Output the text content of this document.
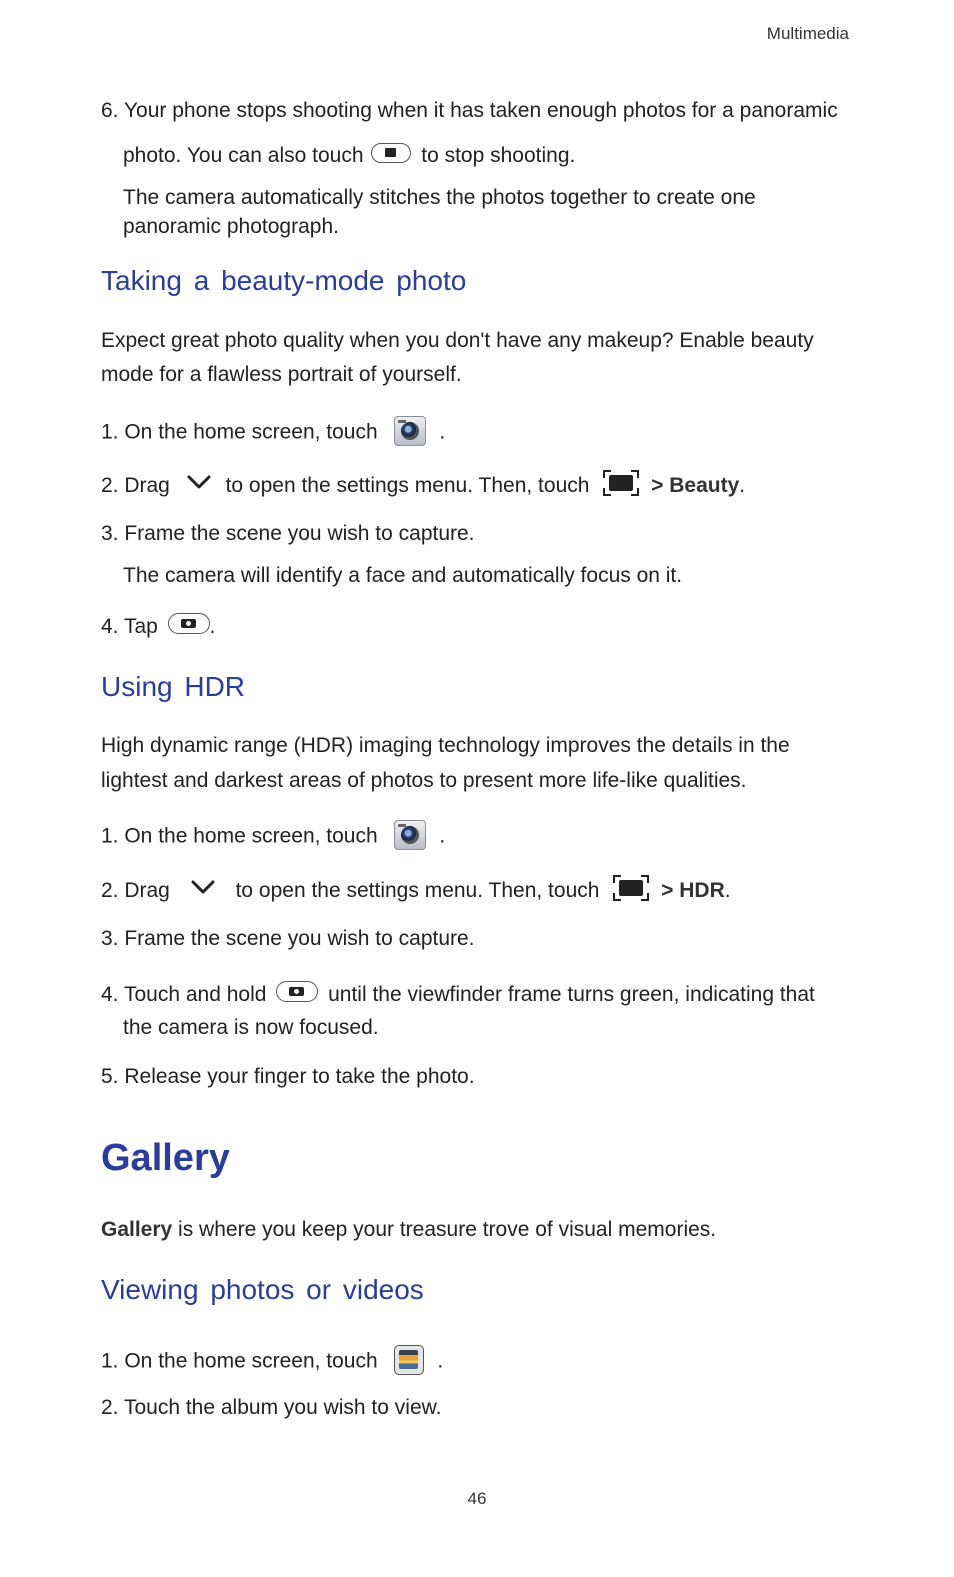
Multimedia
6. Your phone stops shooting when it has taken enough photos for a panoramic
photo. You can also touch	to stop shooting.
The camera automatically stitches the photos together to create one
panoramic photograph.
Taking a beauty-mode photo
Expect great photo quality when you don't have any makeup? Enable beauty
mode for a flawless portrait of yourself.
1. On the home screen, touch	.
2. Drag	to open the settings menu. Then, touch	> Beauty.
3. Frame the scene you wish to capture.
The camera will identify a face and automatically focus on it.
4. Tap .
Using HDR
High dynamic range (HDR) imaging technology improves the details in the
lightest and darkest areas of photos to present more life-like qualities.
1. On the home screen, touch	.
2. Drag	to open the settings menu. Then, touch	> HDR.
3. Frame the scene you wish to capture.
4. Touch and hold	until the viewfinder frame turns green, indicating that
the camera is now focused.
5. Release your finger to take the photo.
Gallery
Gallery is where you keep your treasure trove of visual memories.
Viewing photos or videos
1. On the home screen, touch	.
2. Touch the album you wish to view.
46
